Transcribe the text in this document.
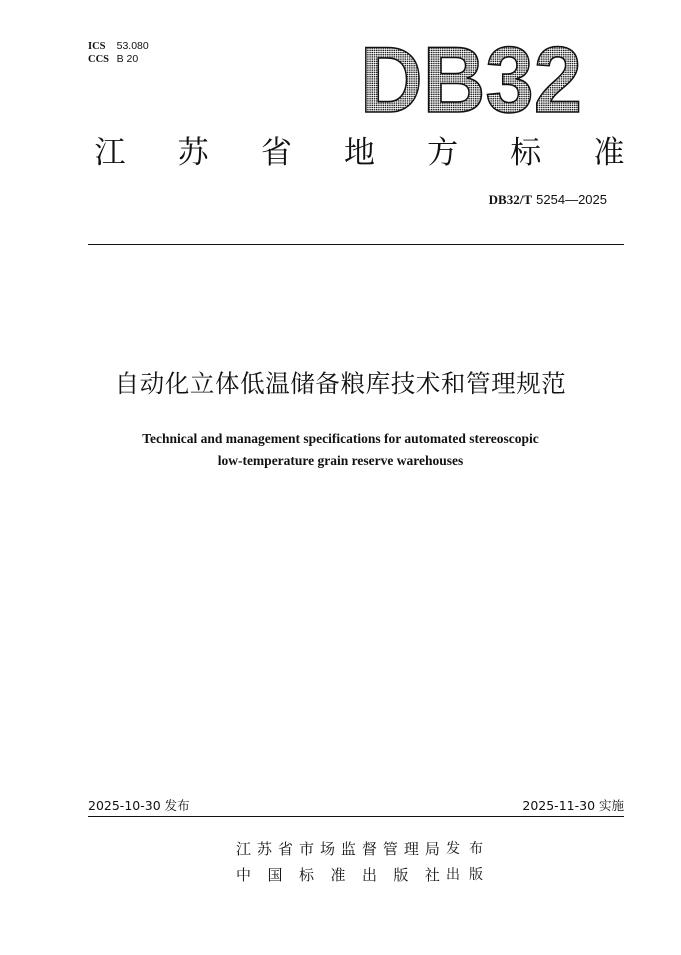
ICS 53.080
CCS B 20 DB32
江 苏 省 地 方 标 准
DB32/T 5254—2025
自动化立体低温储备粮库技术和管理规范
Technical and management specifications for automated stereoscopic
low-temperature grain reserve warehouses
2025-10-30 发布	2025-11-30 实施
江 苏 省 市 场 监 督 管 理 局 发布
中 国 标 准 出 版 社 出版
